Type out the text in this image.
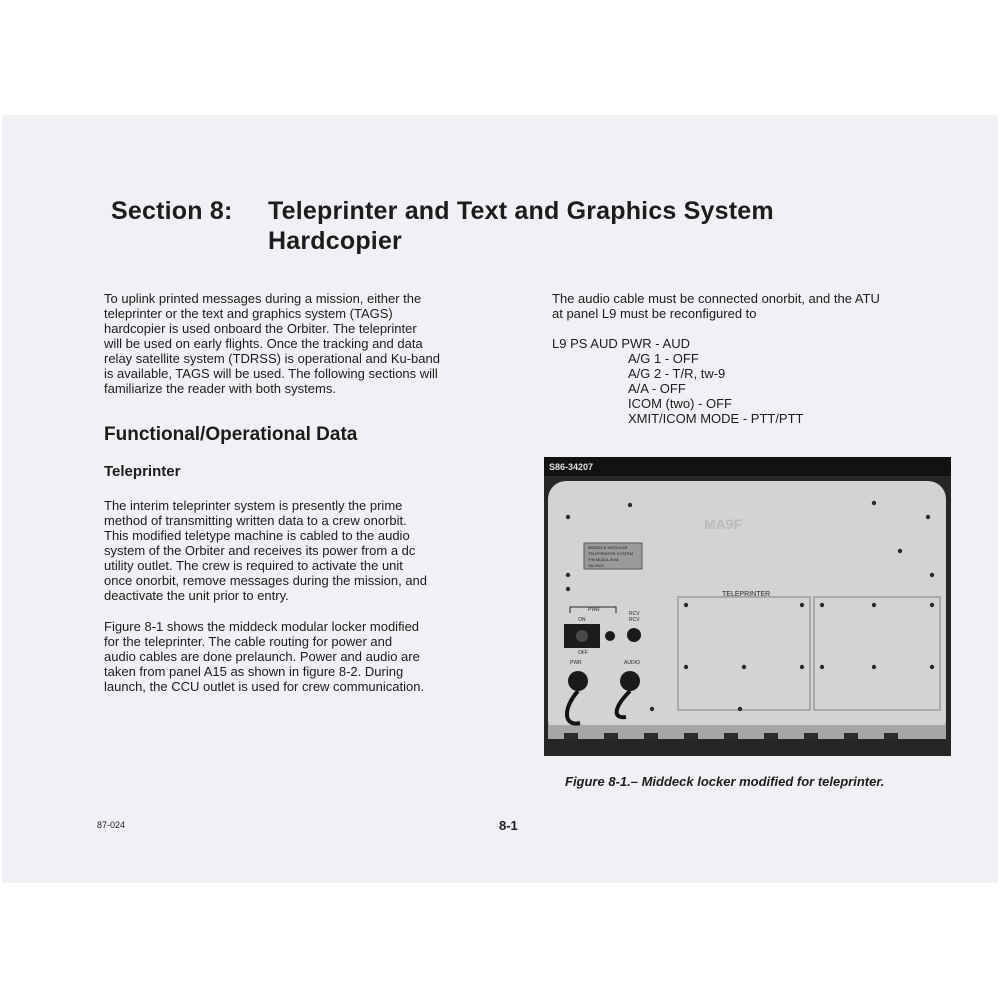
Section 8: Teleprinter and Text and Graphics System
Hardcopier
To uplink printed messages during a mission, either the
teleprinter or the text and graphics system (TAGS)
hardcopier is used onboard the Orbiter. The teleprinter
will be used on early flights. Once the tracking and data
relay satellite system (TDRSS) is operational and Ku-band
is available, TAGS will be used. The following sections will
familiarize the reader with both systems.
Functional/Operational Data
Teleprinter
The interim teleprinter system is presently the prime
method of transmitting written data to a crew onorbit.
This modified teletype machine is cabled to the audio
system of the Orbiter and receives its power from a dc
utility outlet. The crew is required to activate the unit
once onorbit, remove messages during the mission, and
deactivate the unit prior to entry.
Figure 8-1 shows the middeck modular locker modified
for the teleprinter. The cable routing for power and
audio cables are done prelaunch. Power and audio are
taken from panel A15 as shown in figure 8-2. During
launch, the CCU outlet is used for crew communication.
The audio cable must be connected onorbit, and the ATU
at panel L9 must be reconfigured to
L9 PS AUD PWR - AUD
A/G 1 - OFF
A/G 2 - T/R, tw-9
A/A - OFF
ICOM (two) - OFF
XMIT/ICOM MODE - PTT/PTT
S86-34207
MA9F
MIDDECK MODULAR
TELEPRINTER SYSTEM
P/N MC621-0045
SN 0003
TELEPRINTER
PWR
ON
OFF
RCV
RCV
PWR	AUDIO
Figure 8-1.– Middeck locker modified for teleprinter.
87-024	8-1
